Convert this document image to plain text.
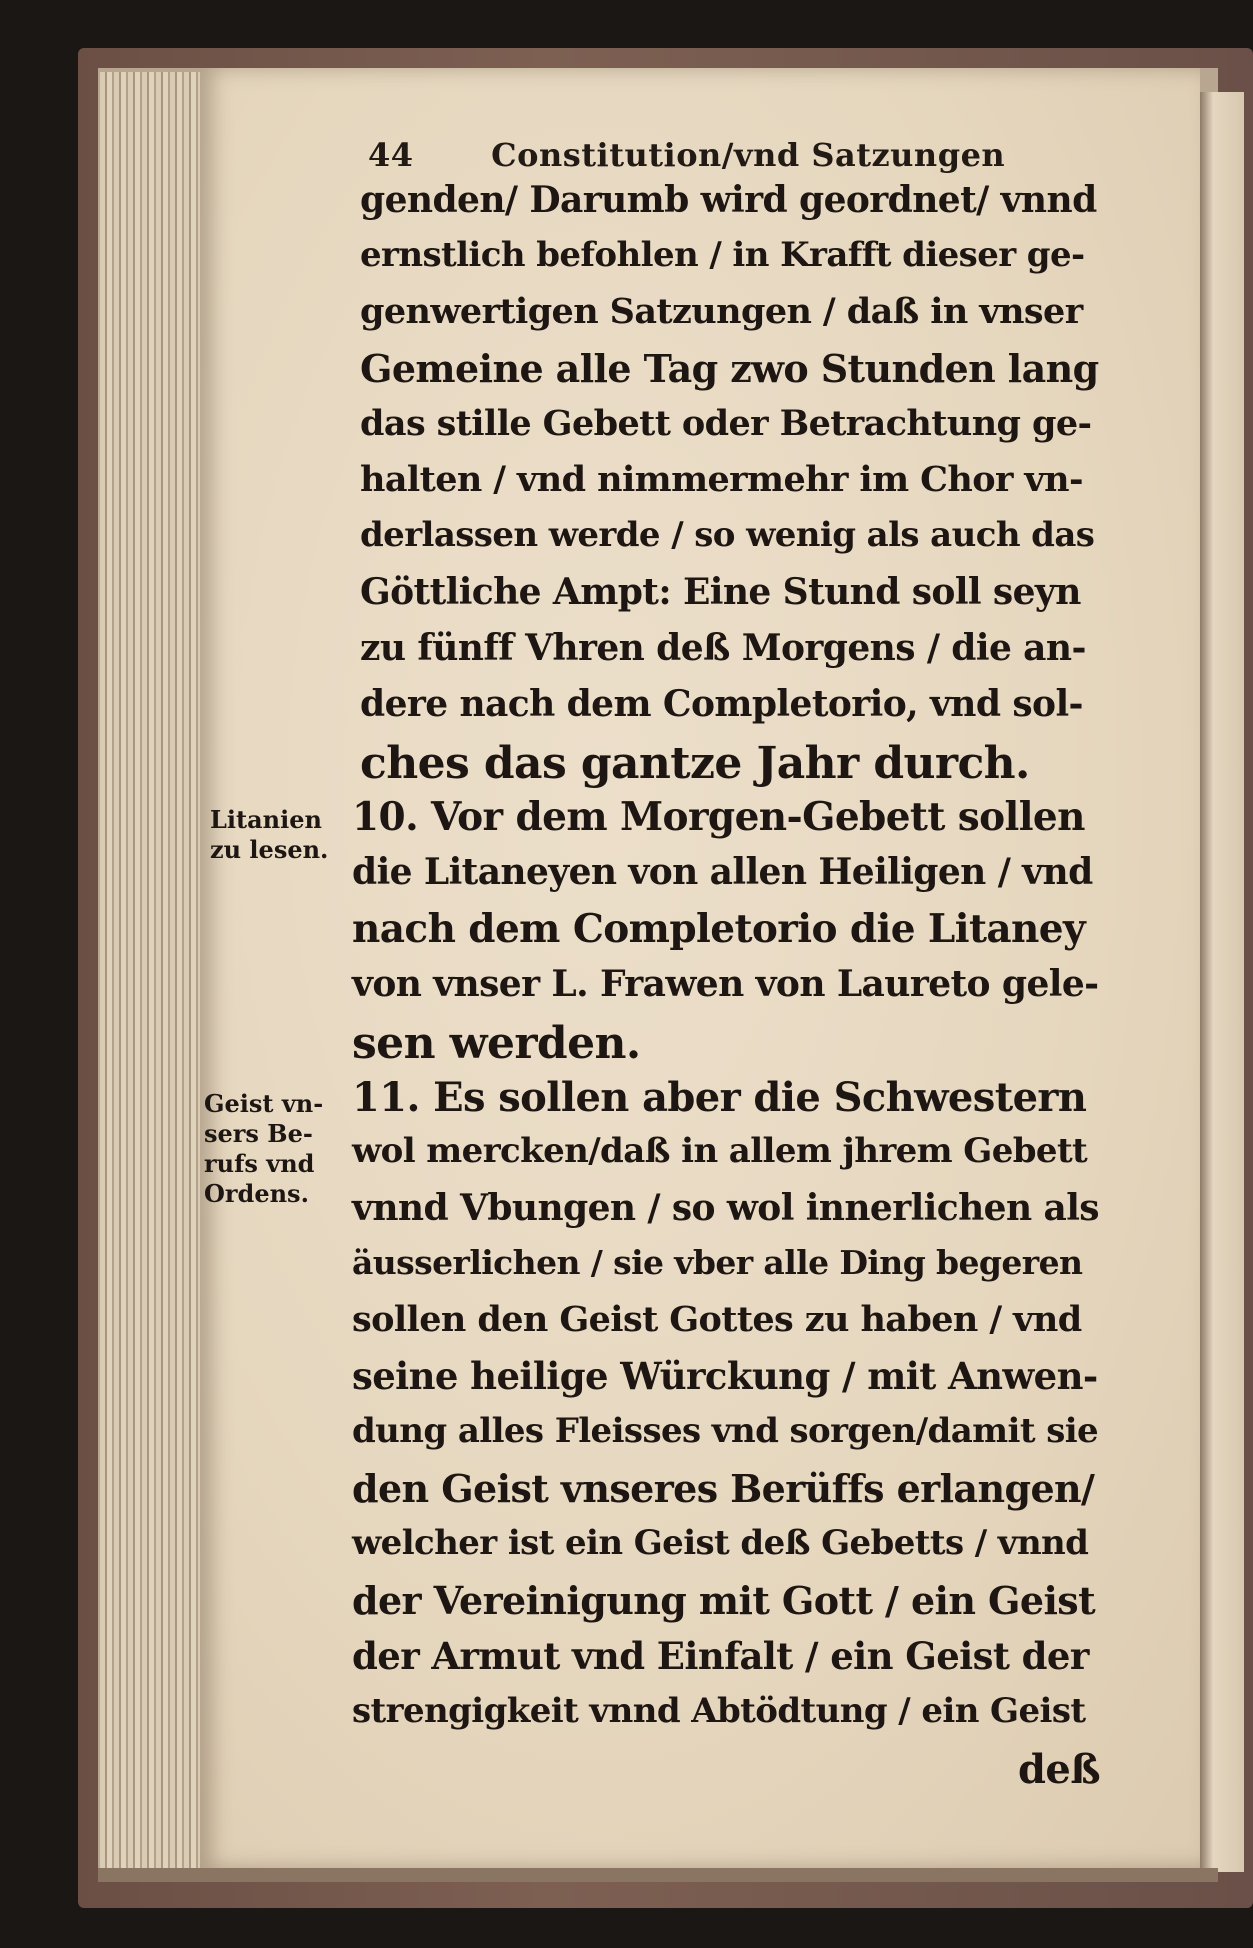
44 Constitution/vnd Satzungen
genden/ Darumb wird geordnet/ vnnd
ernstlich befohlen / in Krafft dieser ge-
genwertigen Satzungen / daß in vnser
Gemeine alle Tag zwo Stunden lang
das stille Gebett oder Betrachtung ge-
halten / vnd nimmermehr im Chor vn-
derlassen werde / so wenig als auch das
Göttliche Ampt: Eine Stund soll seyn
zu fünff Vhren deß Morgens / die an-
dere nach dem Completorio, vnd sol-
ches das gantze Jahr durch.
10. Vor dem Morgen-Gebett sollen
die Litaneyen von allen Heiligen / vnd
nach dem Completorio die Litaney
von vnser L. Frawen von Laureto gele-
sen werden.
11. Es sollen aber die Schwestern
wol mercken/daß in allem jhrem Gebett
vnnd Vbungen / so wol innerlichen als
äusserlichen / sie vber alle Ding begeren
sollen den Geist Gottes zu haben / vnd
seine heilige Würckung / mit Anwen-
dung alles Fleisses vnd sorgen/damit sie
den Geist vnseres Berüffs erlangen/
welcher ist ein Geist deß Gebetts / vnnd
der Vereinigung mit Gott / ein Geist
der Armut vnd Einfalt / ein Geist der
strengigkeit vnnd Abtödtung / ein Geist
deß
Litanien
zu lesen.
Geist vn-
sers Be-
rufs vnd
Ordens.
